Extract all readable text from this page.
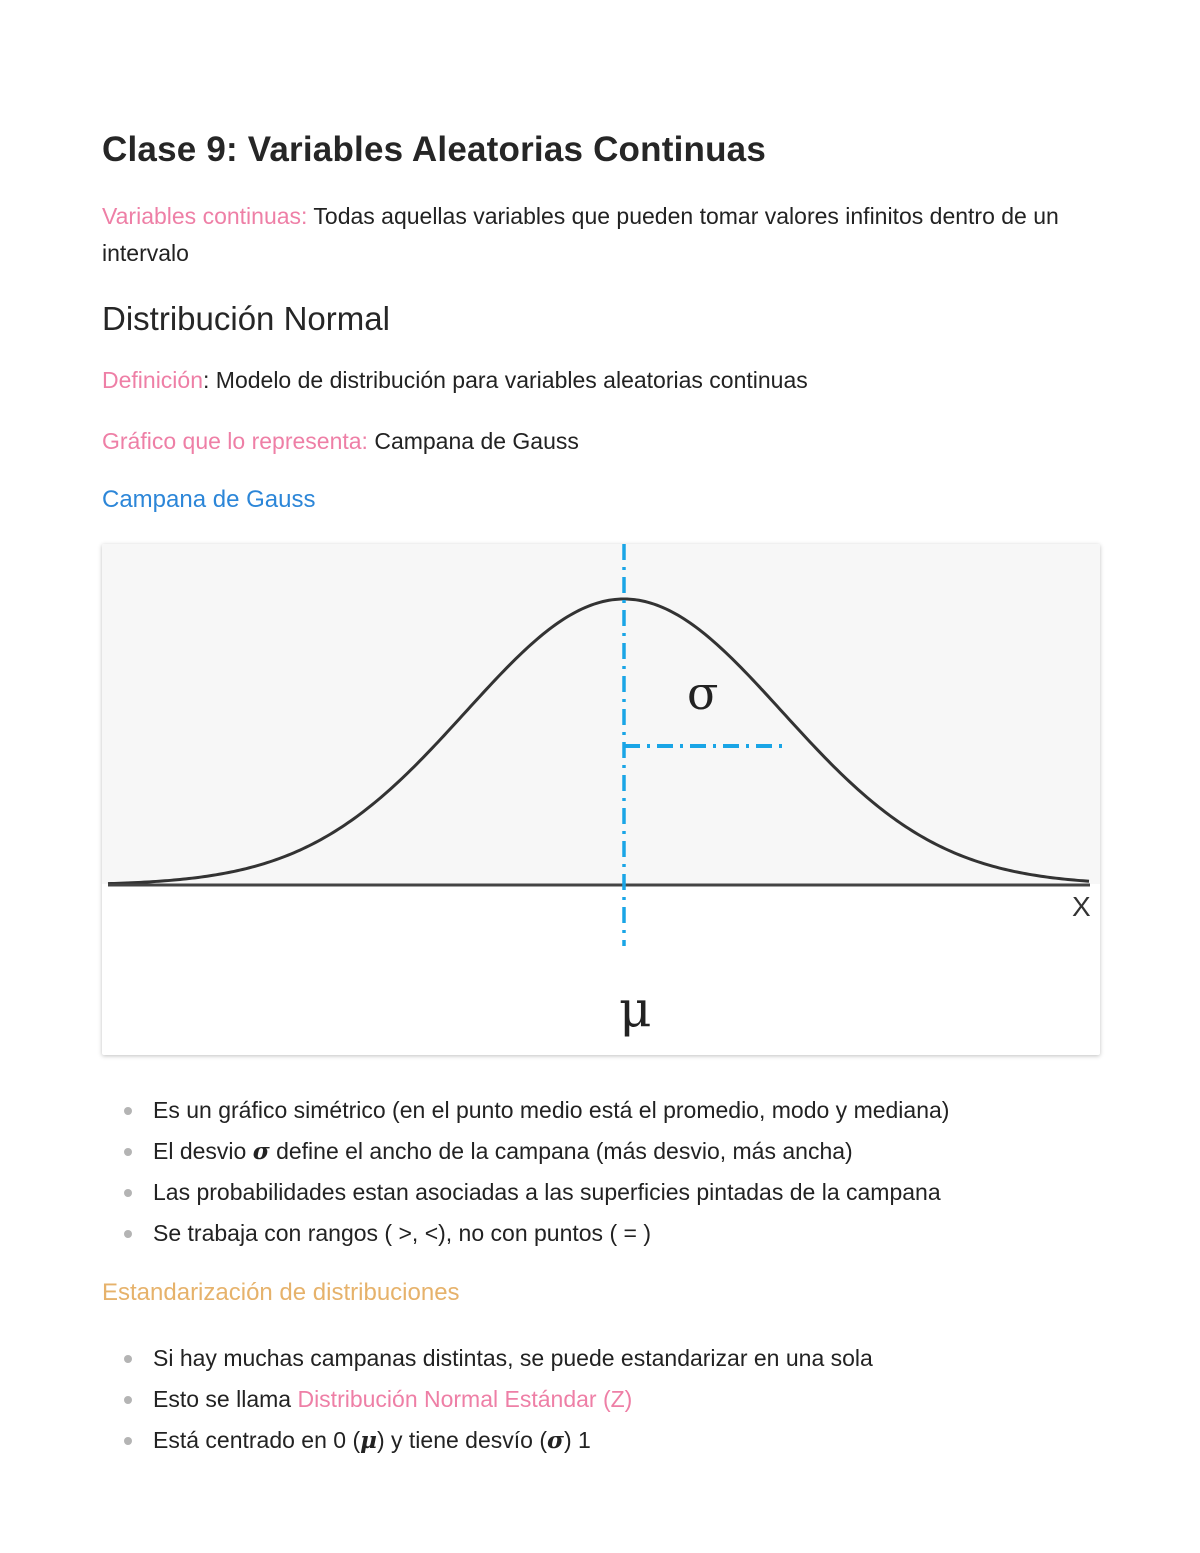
Clase 9: Variables Aleatorias Continuas

Variables continuas: Todas aquellas variables que pueden tomar valores infinitos dentro de un intervalo

Distribución Normal

Definición: Modelo de distribución para variables aleatorias continuas

Gráfico que lo representa: Campana de Gauss

Campana de Gauss
Es un gráfico simétrico (en el punto medio está el promedio, modo y mediana)
El desvio σ define el ancho de la campana (más desvio, más ancha)
Las probabilidades estan asociadas a las superficies pintadas de la campana
Se trabaja con rangos ( >, <), no con puntos ( = )
Estandarización de distribuciones
Si hay muchas campanas distintas, se puede estandarizar en una sola
Esto se llama Distribución Normal Estándar (Z)
Está centrado en 0 (μ) y tiene desvío (σ) 1
σ
μ
X
